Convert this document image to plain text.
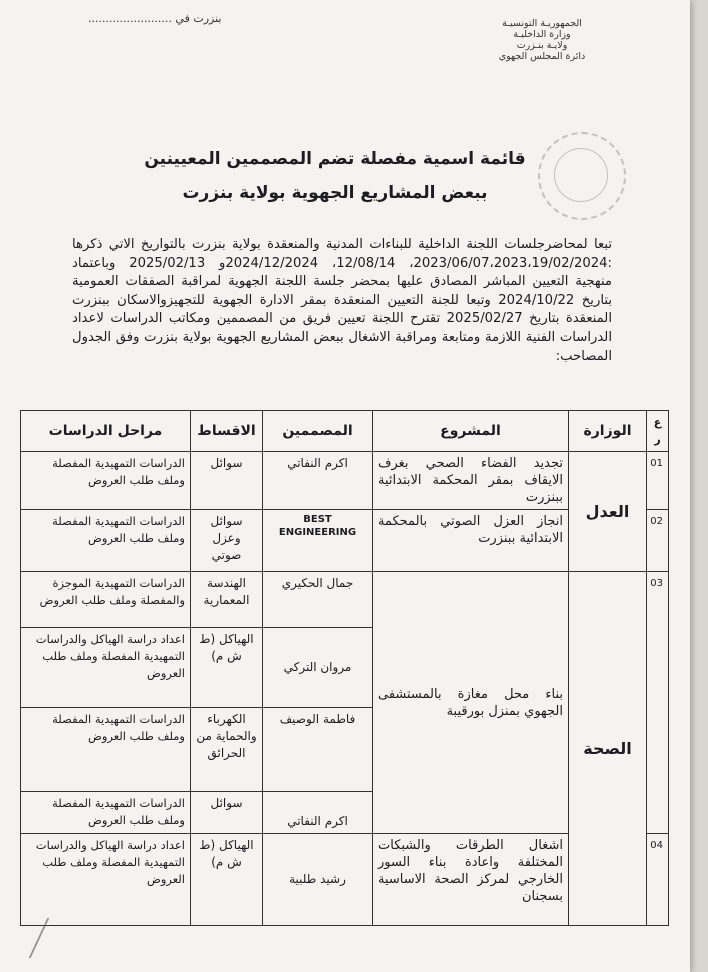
بنزرت في ........................	الجمهوريـة التونسيـة
وزارة الداخليـة
ولايـة بنـزرت
دائرة المجلس الجهوي
قائمة اسمية مفصلة تضم المصممين المعيينين
ببعض المشاريع الجهوية بولاية بنزرت
تبعا لمحاضرجلسات اللجنة الداخلية للبناءات المدنية والمنعقدة بولاية بنزرت بالتواريخ الاتي ذكرها :2023/06/07،2023،19/02/2024، 12/08/14، 2024/12/2024و 2025/02/13 وباعتماد منهجية التعيين المباشر المصادق عليها بمحضر جلسة اللجنة الجهوية لمراقبة الصفقات العمومية بتاريخ 2024/10/22 وتبعا للجنة التعيين المنعقدة بمقر الادارة الجهوية للتجهيزوالاسكان ببنزرت المنعقدة بتاريخ 2025/02/27 تقترح اللجنة تعيين فريق من المصممين ومكاتب الدراسات لاعداد الدراسات الفنية اللازمة ومتابعة ومراقبة الاشغال ببعض المشاريع الجهوية بولاية بنزرت وفق الجدول المصاحب:
ع ر	الوزارة	المشروع	المصممين	الاقساط	مراحل الدراسات
01	العدل	تجديد الفضاء الصحي بغرف الايقاف بمقر المحكمة الابتدائية ببنزرت	اكرم النفاتي	سوائل	الدراسات التمهيدية المفصلة وملف طلب العروض
02		انجاز العزل الصوتي بالمحكمة الابتدائية ببنزرت	BEST ENGINEERING	سوائل وعزل صوتي	الدراسات التمهيدية المفصلة وملف طلب العروض
03	الصحة	بناء محل مغازة بالمستشفى الجهوي بمنزل بورقيبة	جمال الحكيري	الهندسة المعمارية	الدراسات التمهيدية الموجزة والمفصلة وملف طلب العروض
			مروان التركي	الهياكل (ط ش م)	اعداد دراسة الهياكل والدراسات التمهيدية المفصلة وملف طلب العروض
			فاطمة الوصيف	الكهرباء والحماية من الحرائق	الدراسات التمهيدية المفصلة وملف طلب العروض
			اكرم النفاتي	سوائل	الدراسات التمهيدية المفصلة وملف طلب العروض
04		اشغال الطرقات والشبكات المختلفة واعادة بناء السور الخارجي لمركز الصحة الاساسية بسجنان	رشيد طلبية	الهياكل (ط ش م)	اعداد دراسة الهياكل والدراسات التمهيدية المفصلة وملف طلب العروض
